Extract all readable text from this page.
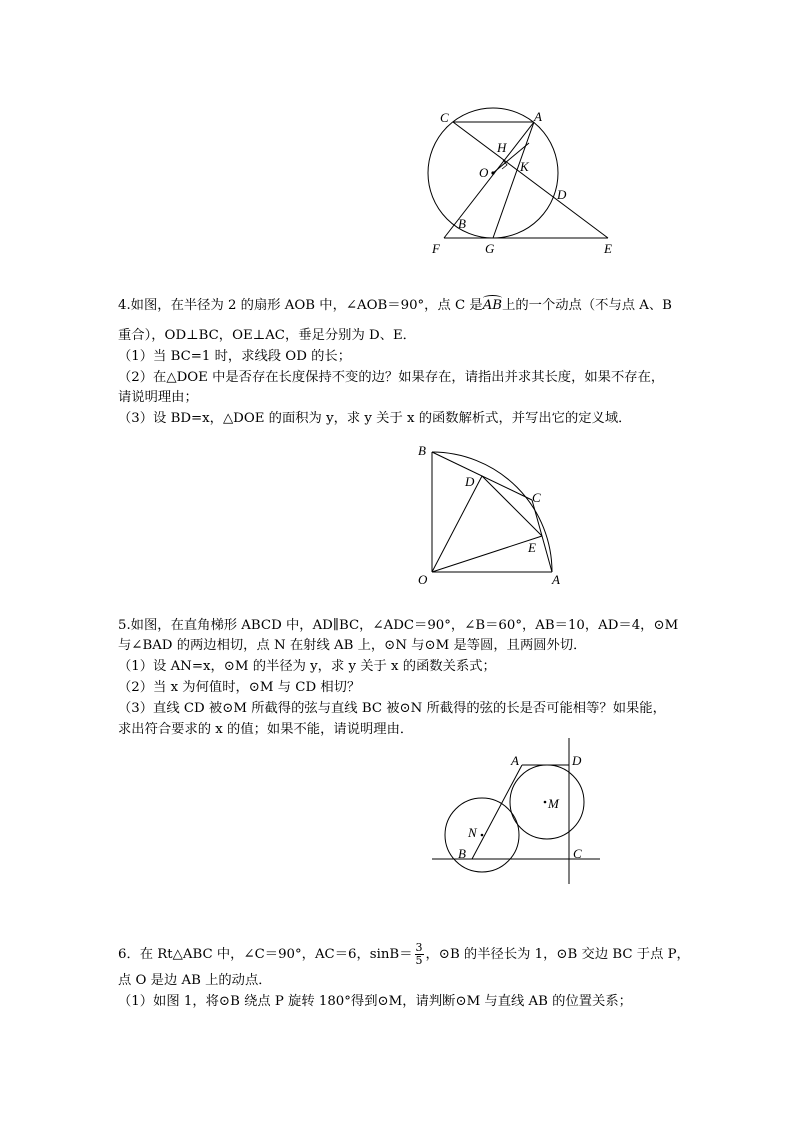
C	A
H
O K
D
B
F	G	E
4.如图，在半径为 2 的扇形 AOB 中，∠AOB＝90°，点 C 是AB上的一个动点（不与点 A、B
重合），OD⊥BC，OE⊥AC，垂足分别为 D、E．
（1）当 BC=1 时，求线段 OD 的长；
（2）在△DOE 中是否存在长度保持不变的边？如果存在，请指出并求其长度，如果不存在，
请说明理由；
（3）设 BD=x，△DOE 的面积为 y，求 y 关于 x 的函数解析式，并写出它的定义域．
B
D
C
E
O	A
5.如图，在直角梯形 ABCD 中，AD∥BC，∠ADC＝90°，∠B＝60°，AB＝10，AD＝4，⊙M
与∠BAD 的两边相切，点 N 在射线 AB 上，⊙N 与⊙M 是等圆，且两圆外切．
（1）设 AN=x，⊙M 的半径为 y，求 y 关于 x 的函数关系式；
（2）当 x 为何值时，⊙M 与 CD 相切？
（3）直线 CD 被⊙M 所截得的弦与直线 BC 被⊙N 所截得的弦的长是否可能相等？如果能，
求出符合要求的 x 的值；如果不能，请说明理由．
A	D
M
N
B	C
6．在 Rt△ABC 中，∠C＝90°，AC＝6，$\sin B= \frac{3}{5}$ ，⊙B 的半径长为 1，⊙B 交边 BC 于点 P，
点 O 是边 AB 上的动点．
（1）如图 1，将⊙B 绕点 P 旋转 180°得到⊙M，请判断⊙M 与直线 AB 的位置关系；
